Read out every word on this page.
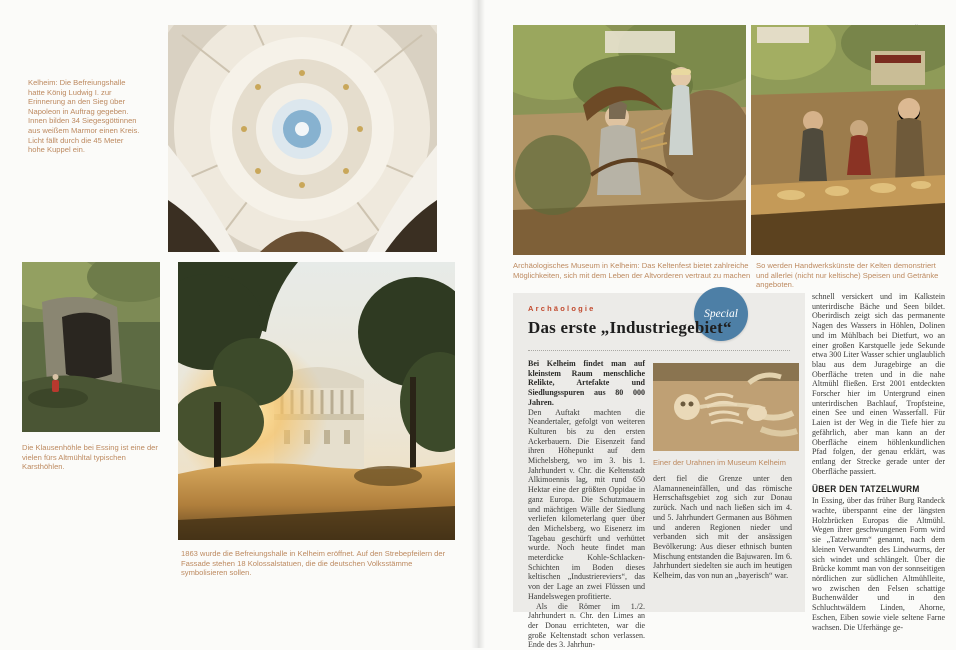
Kelheim: Die Befreiungshalle hatte König Ludwig I. zur Erinnerung an den Sieg über Napoleon in Auftrag gegeben. Innen bilden 34 Siegesgöttinnen aus weißem Marmor einen Kreis. Licht fällt durch die 45 Meter hohe Kuppel ein.
Die Klausenhöhle bei Essing ist eine der vielen fürs Altmühltal typischen Karsthöhlen.
1863 wurde die Befreiungshalle in Kelheim eröffnet. Auf den Strebepfeilern der Fassade stehen 18 Kolossalstatuen, die die deutschen Volksstämme symbolisieren sollen.
Archäologisches Museum in Kelheim: Das Keltenfest bietet zahlreiche Möglichkeiten, sich mit dem Leben der Altvorderen vertraut zu machen
So werden Handwerkskünste der Kelten demonstriert und allerlei (nicht nur keltische) Speisen und Getränke angeboten.
Special
Archäologie
Das erste „Industriegebiet“
Bei Kelheim findet man auf kleinstem Raum menschliche Relikte, Artefakte und Siedlungsspuren aus 80 000 Jahren.
Den Auftakt machten die Neandertaler, gefolgt von weiteren Kulturen bis zu den ersten Ackerbauern. Die Eisenzeit fand ihren Höhepunkt auf dem Michelsberg, wo im 3. bis 1. Jahrhundert v. Chr. die Keltenstadt Alkimoennis lag, mit rund 650 Hektar eine der größten Oppidae in ganz Europa. Die Schutzmauern und mächtigen Wälle der Siedlung verliefen kilometerlang quer über den Michelsberg, wo Eisenerz im Tagebau geschürft und verhüttet wurde. Noch heute findet man meterdicke Kohle-Schlacken-Schichten im Boden dieses keltischen „Industriereviers“, das von der Lage an zwei Flüssen und Handelswegen profitierte.
Als die Römer im 1./2. Jahrhundert n. Chr. den Limes an der Donau errichteten, war die große Keltenstadt schon verlassen. Ende des 3. Jahrhun-
Einer der Urahnen im Museum Kelheim
dert fiel die Grenze unter den Alamanneneinfällen, und das römische Herrschaftsgebiet zog sich zur Donau zurück. Nach und nach ließen sich im 4. und 5. Jahrhundert Germanen aus Böhmen und anderen Regionen nieder und verbanden sich mit der ansässigen Bevölkerung: Aus dieser ethnisch bunten Mischung entstanden die Bajuwaren. Im 6. Jahrhundert siedelten sie auch im heutigen Kelheim, das von nun an „bayerisch“ war.
schnell versickert und im Kalkstein unterirdische Bäche und Seen bildet. Oberirdisch zeigt sich das permanente Nagen des Wassers in Höhlen, Dolinen und im Mühlbach bei Dietfurt, wo an einer großen Karstquelle jede Sekunde etwa 300 Liter Wasser schier unglaublich blau aus dem Juragebirge an die Oberfläche treten und in die nahe Altmühl fließen. Erst 2001 entdeckten Forscher hier im Untergrund einen unterirdischen Bachlauf, Tropfsteine, einen See und einen Wasserfall. Für Laien ist der Weg in die Tiefe hier zu gefährlich, aber man kann an der Oberfläche einem höhlenkundlichen Pfad folgen, der genau erklärt, was entlang der Strecke gerade unter der Oberfläche passiert.
ÜBER DEN TATZELWURM
In Essing, über das früher Burg Randeck wachte, überspannt eine der längsten Holzbrücken Europas die Altmühl. Wegen ihrer geschwungenen Form wird sie „Tatzelwurm“ genannt, nach dem kleinen Verwandten des Lindwurms, der sich windet und schlängelt. Über die Brücke kommt man von der sonnseitigen nördlichen zur südlichen Altmühlleite, wo zwischen den Felsen schattige Buchenwälder und in den Schluchtwäldern Linden, Ahorne, Eschen, Eiben sowie viele seltene Farne wachsen. Die Uferhänge ge-
